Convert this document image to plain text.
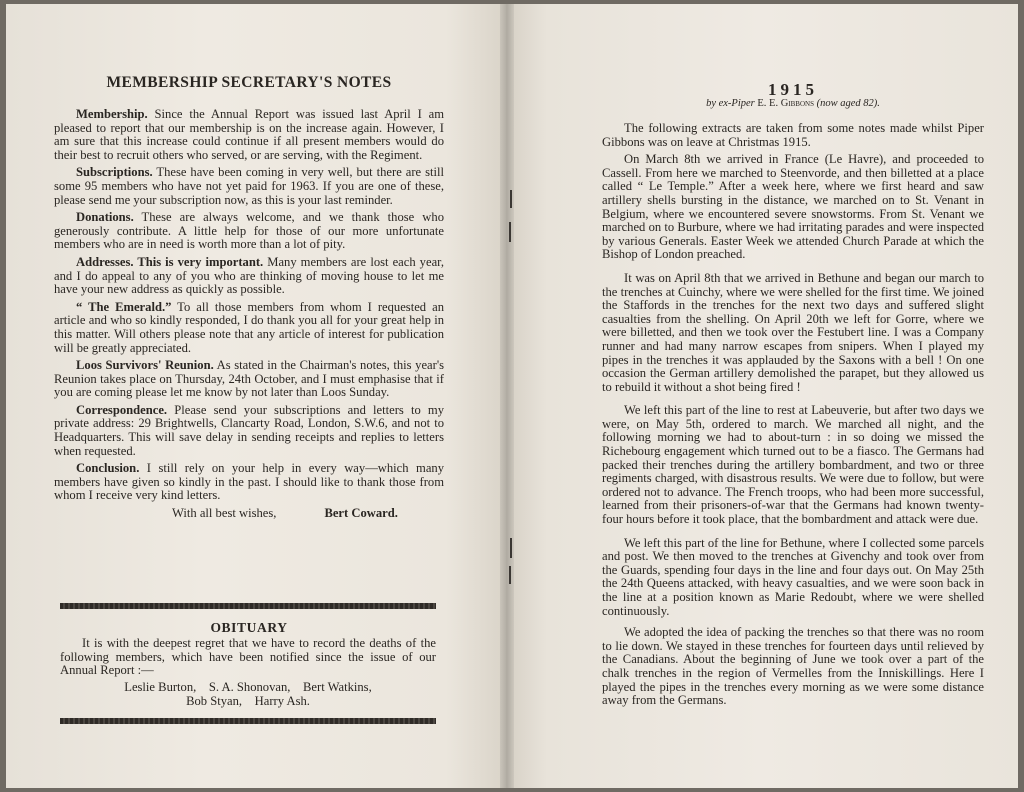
MEMBERSHIP SECRETARY'S NOTES

Membership. Since the Annual Report was issued last April I am pleased to report that our membership is on the increase again. However, I am sure that this increase could continue if all present members would do their best to recruit others who served, or are serving, with the Regiment.

Subscriptions. These have been coming in very well, but there are still some 95 members who have not yet paid for 1963. If you are one of these, please send me your subscription now, as this is your last reminder.

Donations. These are always welcome, and we thank those who generously contribute. A little help for those of our more unfortunate members who are in need is worth more than a lot of pity.

Addresses. This is very important. Many members are lost each year, and I do appeal to any of you who are thinking of moving house to let me have your new address as quickly as possible.

“ The Emerald.” To all those members from whom I requested an article and who so kindly responded, I do thank you all for your great help in this matter. Will others please note that any article of interest for publication will be greatly appreciated.

Loos Survivors' Reunion. As stated in the Chairman's notes, this year's Reunion takes place on Thursday, 24th October, and I must emphasise that if you are coming please let me know by not later than Loos Sunday.

Correspondence. Please send your subscriptions and letters to my private address: 29 Brightwells, Clancarty Road, London, S.W.6, and not to Headquarters. This will save delay in sending receipts and replies to letters when requested.

Conclusion. I still rely on your help in every way—which many members have given so kindly in the past. I should like to thank those from whom I receive very kind letters.

With all best wishes,	Bert Coward.
OBITUARY

It is with the deepest regret that we have to record the deaths of the following members, which have been notified since the issue of our Annual Report :—

Leslie Burton,    S. A. Shonovan,    Bert Watkins,
Bob Styan,    Harry Ash.
1915
by ex-Piper E. E. Gibbons (now aged 82).

The following extracts are taken from some notes made whilst Piper Gibbons was on leave at Christmas 1915.

On March 8th we arrived in France (Le Havre), and proceeded to Cassell. From here we marched to Steenvorde, and then billetted at a place called “ Le Temple.” After a week here, where we first heard and saw artillery shells bursting in the distance, we marched on to St. Venant in Belgium, where we encountered severe snowstorms. From St. Venant we marched on to Burbure, where we had irritating parades and were inspected by various Generals. Easter Week we attended Church Parade at which the Bishop of London preached.

It was on April 8th that we arrived in Bethune and began our march to the trenches at Cuinchy, where we were shelled for the first time. We joined the Staffords in the trenches for the next two days and suffered slight casualties from the shelling. On April 20th we left for Gorre, where we were billetted, and then we took over the Festubert line. I was a Company runner and had many narrow escapes from snipers. When I played my pipes in the trenches it was applauded by the Saxons with a bell ! On one occasion the German artillery demolished the parapet, but they allowed us to rebuild it without a shot being fired !

We left this part of the line to rest at Labeuverie, but after two days we were, on May 5th, ordered to march. We marched all night, and the following morning we had to about-turn : in so doing we missed the Richebourg engagement which turned out to be a fiasco. The Germans had packed their trenches during the artillery bombardment, and two or three regiments charged, with disastrous results. We were due to follow, but were ordered not to advance. The French troops, who had been more successful, learned from their prisoners-of-war that the Germans had known twenty-four hours before it took place, that the bombardment and attack were due.

We left this part of the line for Bethune, where I collected some parcels and post. We then moved to the trenches at Givenchy and took over from the Guards, spending four days in the line and four days out. On May 25th the 24th Queens attacked, with heavy casualties, and we were soon back in the line at a position known as Marie Redoubt, where we were shelled continuously.

We adopted the idea of packing the trenches so that there was no room to lie down. We stayed in these trenches for fourteen days until relieved by the Canadians. About the beginning of June we took over a part of the chalk trenches in the region of Vermelles from the Inniskillings. Here I played the pipes in the trenches every morning as we were some distance away from the Germans.
